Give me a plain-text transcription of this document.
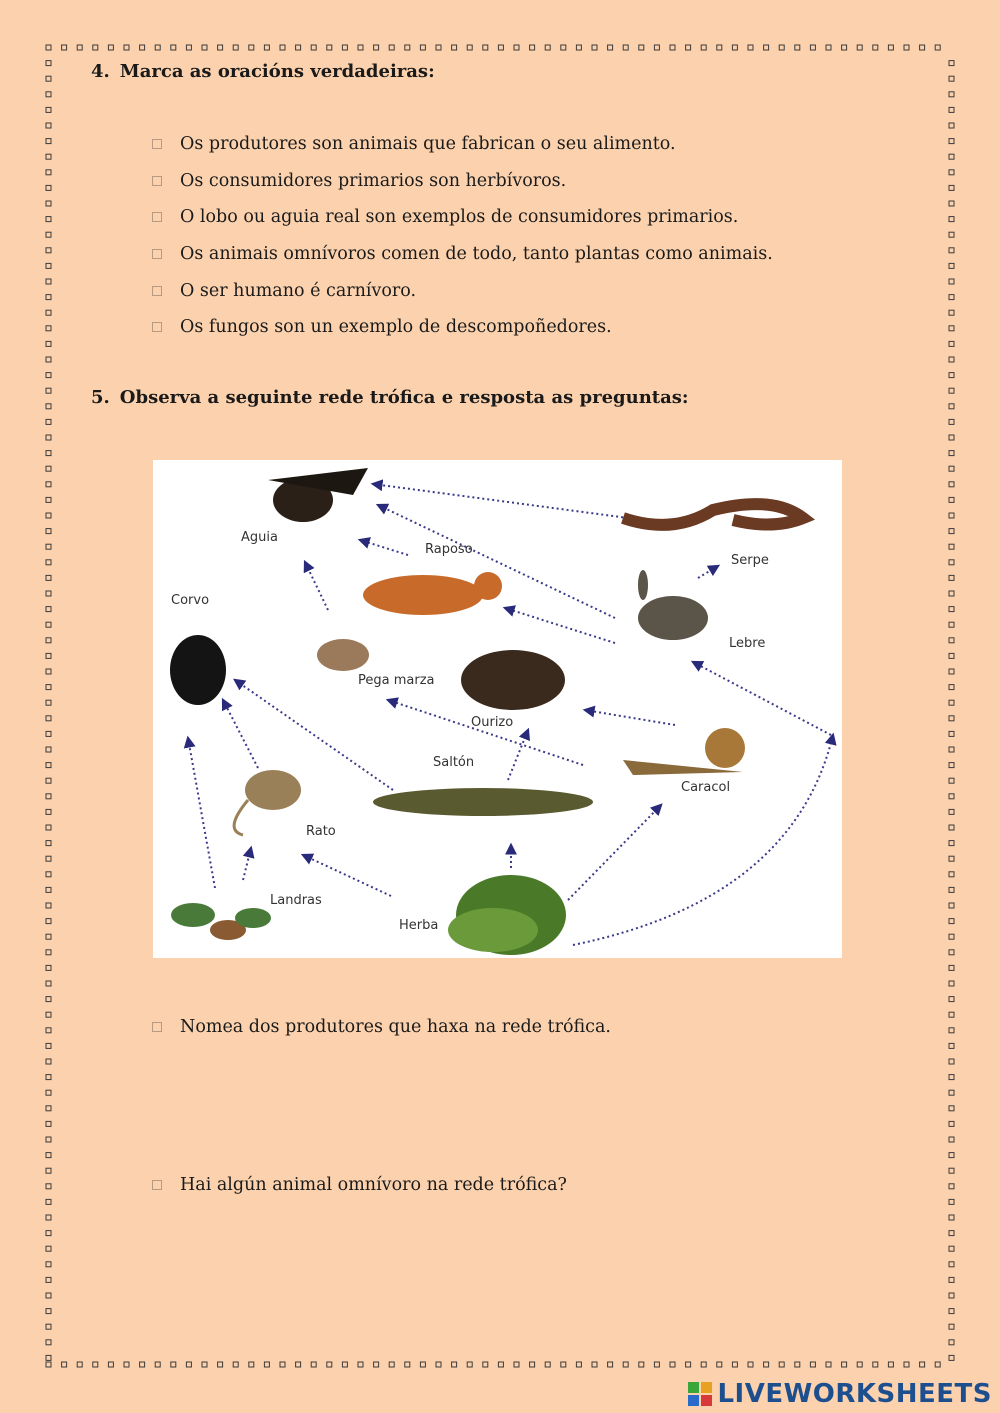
4. Marca as oracións verdadeiras:
Os produtores son animais que fabrican o seu alimento.
Os consumidores primarios son herbívoros.
O lobo ou aguia real son exemplos de consumidores primarios.
Os animais omnívoros comen de todo, tanto plantas como animais.
O ser humano é carnívoro.
Os fungos son un exemplo de descompoñedores.
5. Observa a seguinte rede trófica e resposta as preguntas:
Aguia
Raposo
Serpe
Corvo
Lebre
Pega marza
Ourizo
Saltón
Caracol
Rato
Landras
Herba
Nomea dos produtores que haxa na rede trófica.
Hai algún animal omnívoro na rede trófica?
LIVEWORKSHEETS
